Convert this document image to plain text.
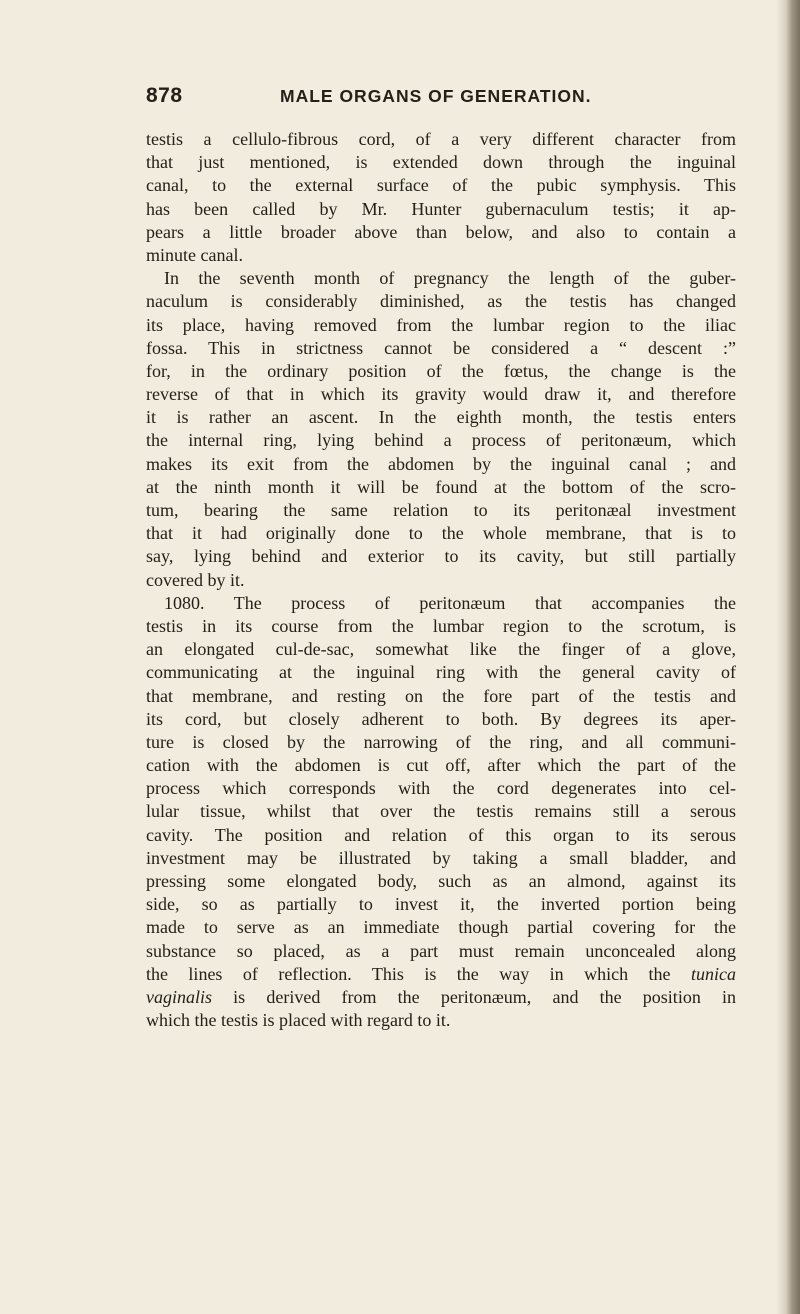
878	MALE ORGANS OF GENERATION.
testis a cellulo-fibrous cord, of a very different character from
that just mentioned, is extended down through the inguinal
canal, to the external surface of the pubic symphysis. This
has been called by Mr. Hunter gubernaculum testis; it ap-
pears a little broader above than below, and also to contain a
minute canal.
In the seventh month of pregnancy the length of the guber-
naculum is considerably diminished, as the testis has changed
its place, having removed from the lumbar region to the iliac
fossa. This in strictness cannot be considered a “ descent :”
for, in the ordinary position of the fœtus, the change is the
reverse of that in which its gravity would draw it, and therefore
it is rather an ascent. In the eighth month, the testis enters
the internal ring, lying behind a process of peritonæum, which
makes its exit from the abdomen by the inguinal canal ; and
at the ninth month it will be found at the bottom of the scro-
tum, bearing the same relation to its peritonæal investment
that it had originally done to the whole membrane, that is to
say, lying behind and exterior to its cavity, but still partially
covered by it.
1080. The process of peritonæum that accompanies the
testis in its course from the lumbar region to the scrotum, is
an elongated cul-de-sac, somewhat like the finger of a glove,
communicating at the inguinal ring with the general cavity of
that membrane, and resting on the fore part of the testis and
its cord, but closely adherent to both. By degrees its aper-
ture is closed by the narrowing of the ring, and all communi-
cation with the abdomen is cut off, after which the part of the
process which corresponds with the cord degenerates into cel-
lular tissue, whilst that over the testis remains still a serous
cavity. The position and relation of this organ to its serous
investment may be illustrated by taking a small bladder, and
pressing some elongated body, such as an almond, against its
side, so as partially to invest it, the inverted portion being
made to serve as an immediate though partial covering for the
substance so placed, as a part must remain unconcealed along
the lines of reflection. This is the way in which the tunica
vaginalis is derived from the peritonæum, and the position in
which the testis is placed with regard to it.
